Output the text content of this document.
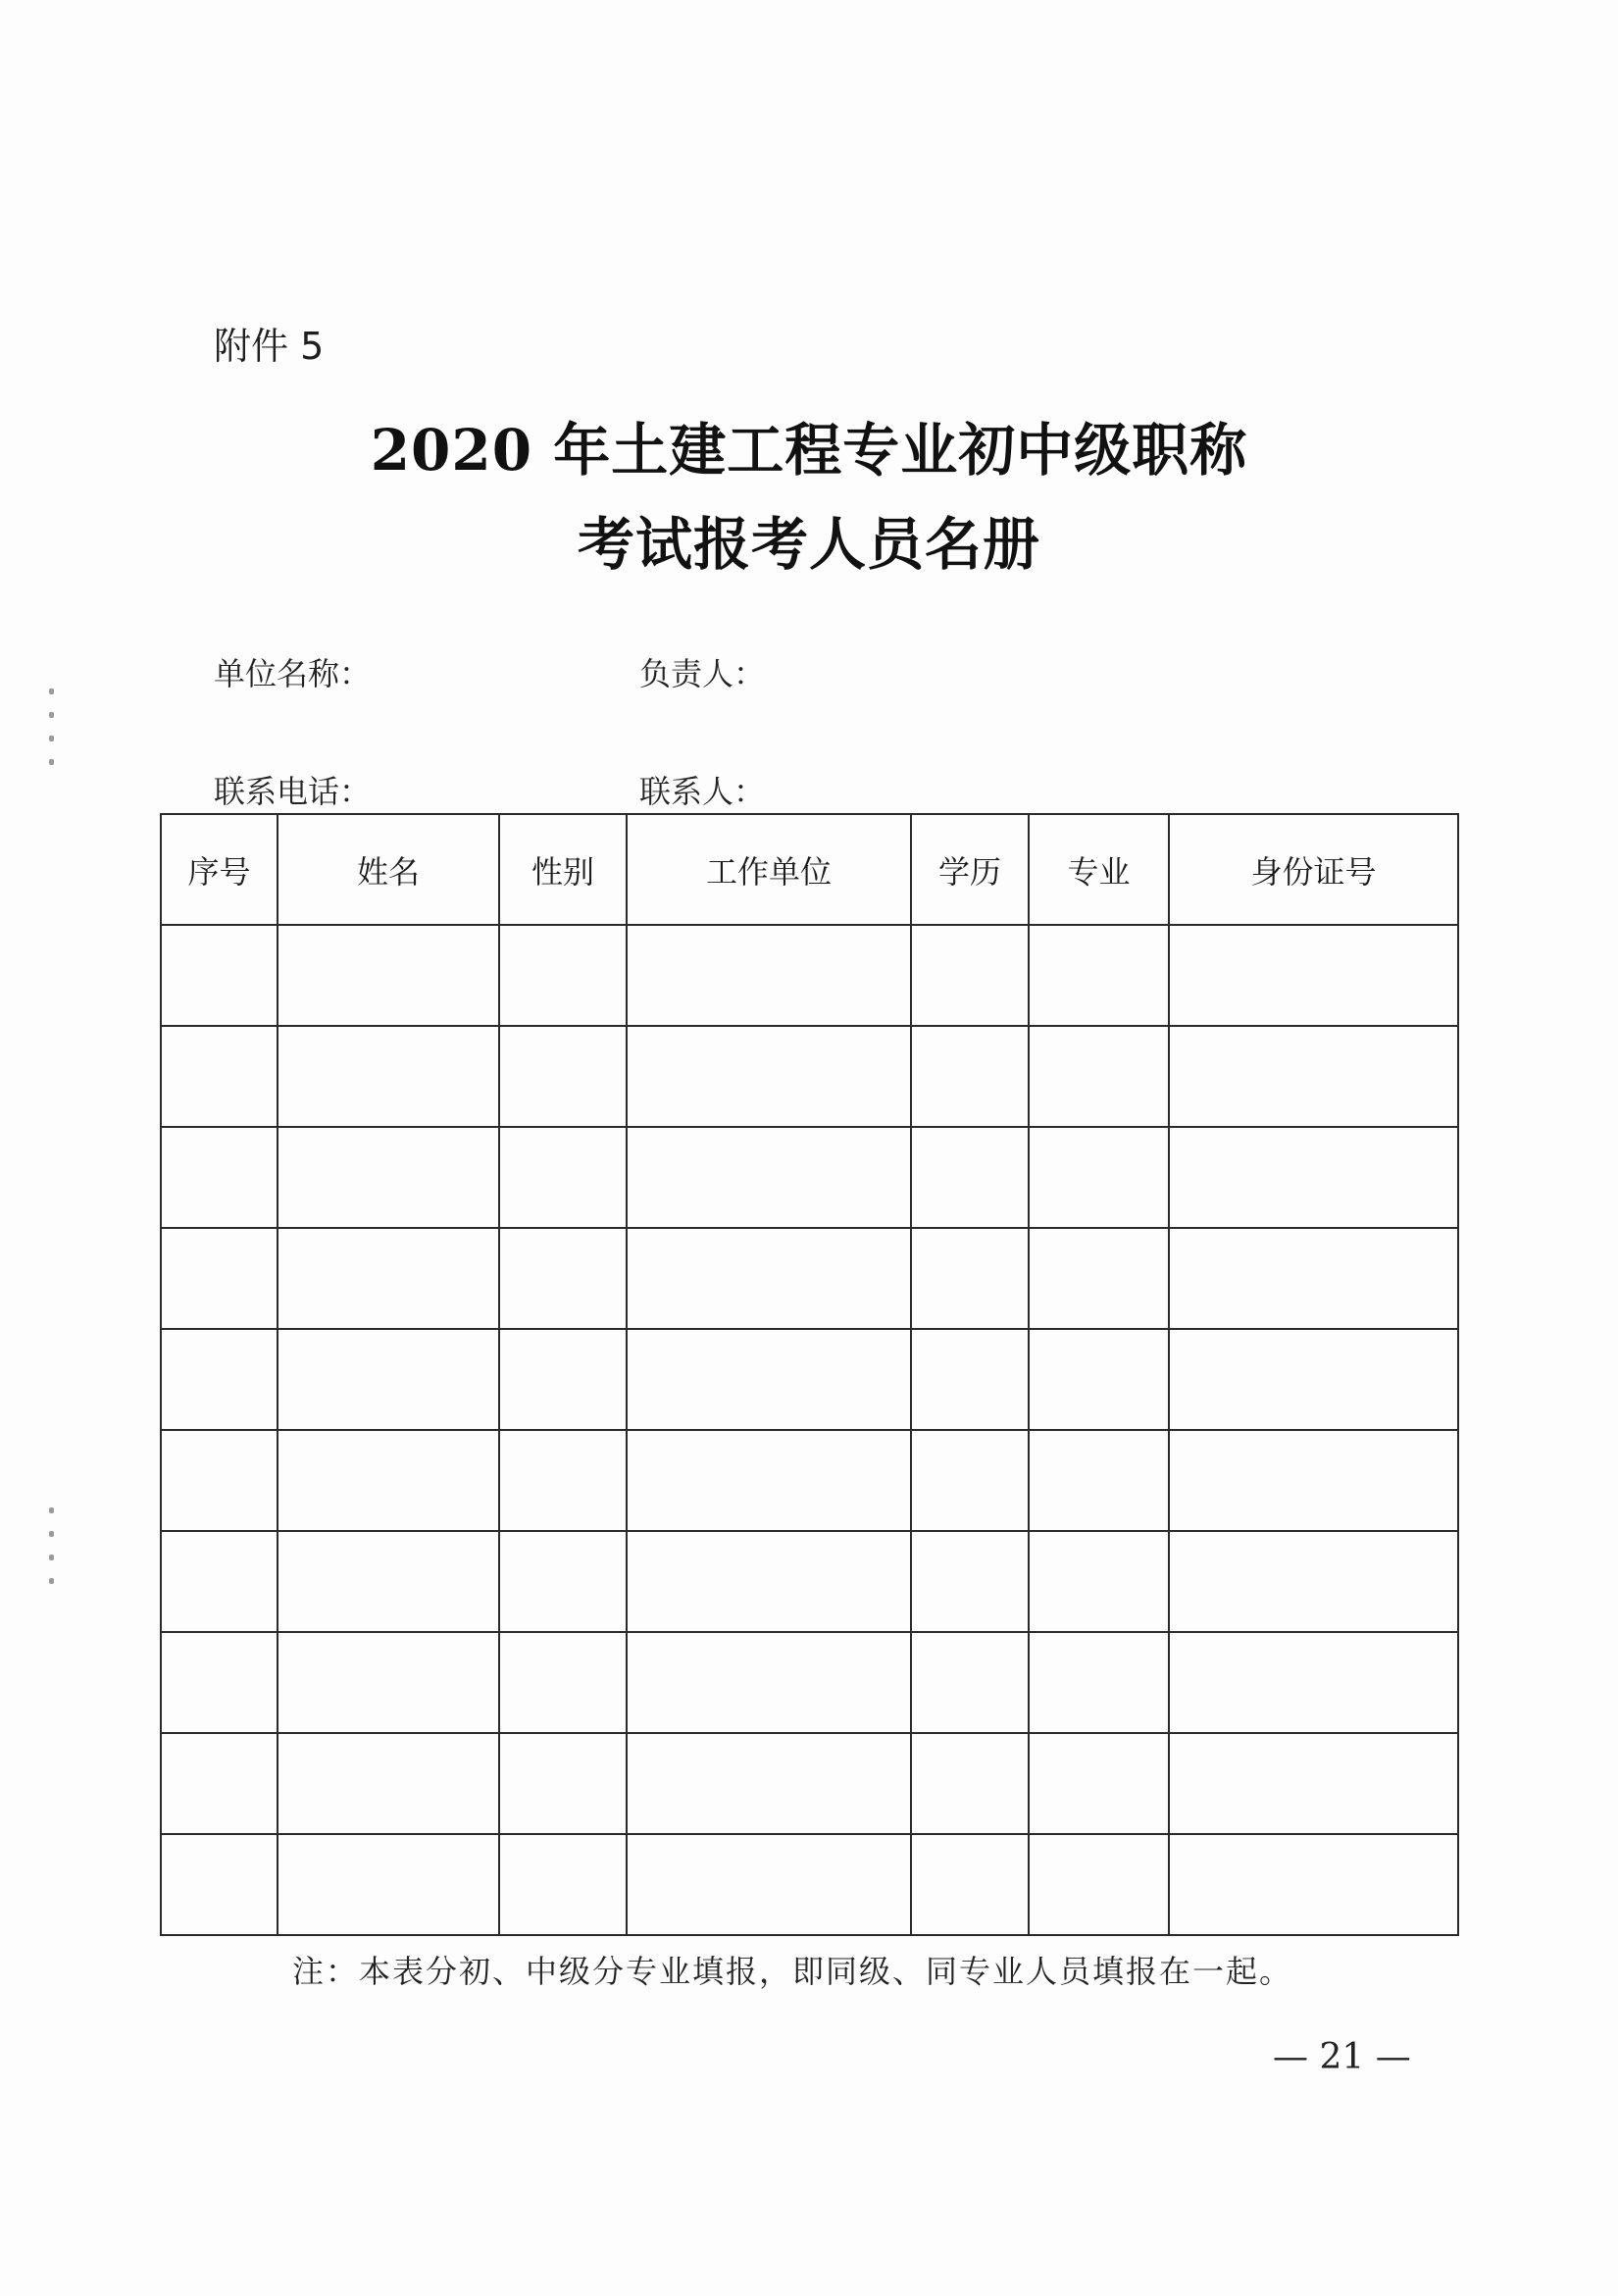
附件 5
2020 年土建工程专业初中级职称
考试报考人员名册
单位名称：	负责人：
联系电话：	联系人：
序号	姓名	性别	工作单位	学历	专业	身份证号

注：本表分初、中级分专业填报，即同级、同专业人员填报在一起。
— 21 —
